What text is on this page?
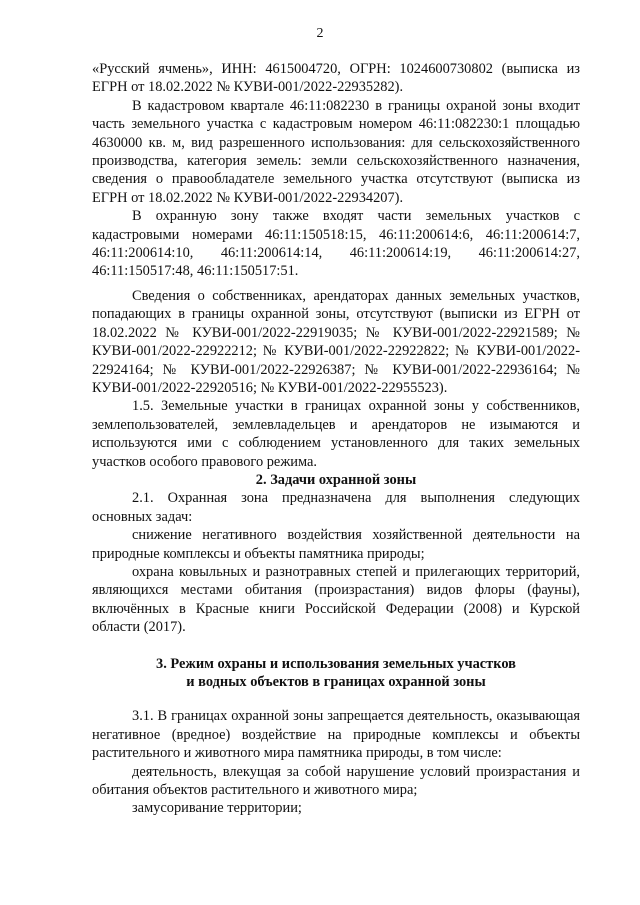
2

«Русский ячмень», ИНН: 4615004720, ОГРН: 1024600730802 (выписка из ЕГРН от 18.02.2022 № КУВИ-001/2022-22935282).

В кадастровом квартале 46:11:082230 в границы охраной зоны входит часть земельного участка с кадастровым номером 46:11:082230:1 площадью 4630000 кв. м, вид разрешенного использования: для сельскохозяйственного производства, категория земель: земли сельскохозяйственного назначения, сведения о правообладателе земельного участка отсутствуют (выписка из ЕГРН от 18.02.2022 № КУВИ-001/2022-22934207).

В охранную зону также входят части земельных участков с кадастровыми номерами 46:11:150518:15, 46:11:200614:6, 46:11:200614:7, 46:11:200614:10, 46:11:200614:14, 46:11:200614:19, 46:11:200614:27, 46:11:150517:48, 46:11:150517:51.

Сведения о собственниках, арендаторах данных земельных участков, попадающих в границы охранной зоны, отсутствуют (выписки из ЕГРН от 18.02.2022 № КУВИ-001/2022-22919035; № КУВИ-001/2022-22921589; № КУВИ-001/2022-22922212; № КУВИ-001/2022-22922822; № КУВИ-001/2022-22924164; № КУВИ-001/2022-22926387; № КУВИ-001/2022-22936164; № КУВИ-001/2022-22920516; № КУВИ-001/2022-22955523).

1.5. Земельные участки в границах охранной зоны у собственников, землепользователей, землевладельцев и арендаторов не изымаются и используются ими с соблюдением установленного для таких земельных участков особого правового режима.

2. Задачи охранной зоны

2.1. Охранная зона предназначена для выполнения следующих основных задач:

снижение негативного воздействия хозяйственной деятельности на природные комплексы и объекты памятника природы;

охрана ковыльных и разнотравных степей и прилегающих территорий, являющихся местами обитания (произрастания) видов флоры (фауны), включённых в Красные книги Российской Федерации (2008) и Курской области (2017).

3. Режим охраны и использования земельных участков
и водных объектов в границах охранной зоны

3.1. В границах охранной зоны запрещается деятельность, оказывающая негативное (вредное) воздействие на природные комплексы и объекты растительного и животного мира памятника природы, в том числе:

деятельность, влекущая за собой нарушение условий произрастания и обитания объектов растительного и животного мира;

замусоривание территории;
